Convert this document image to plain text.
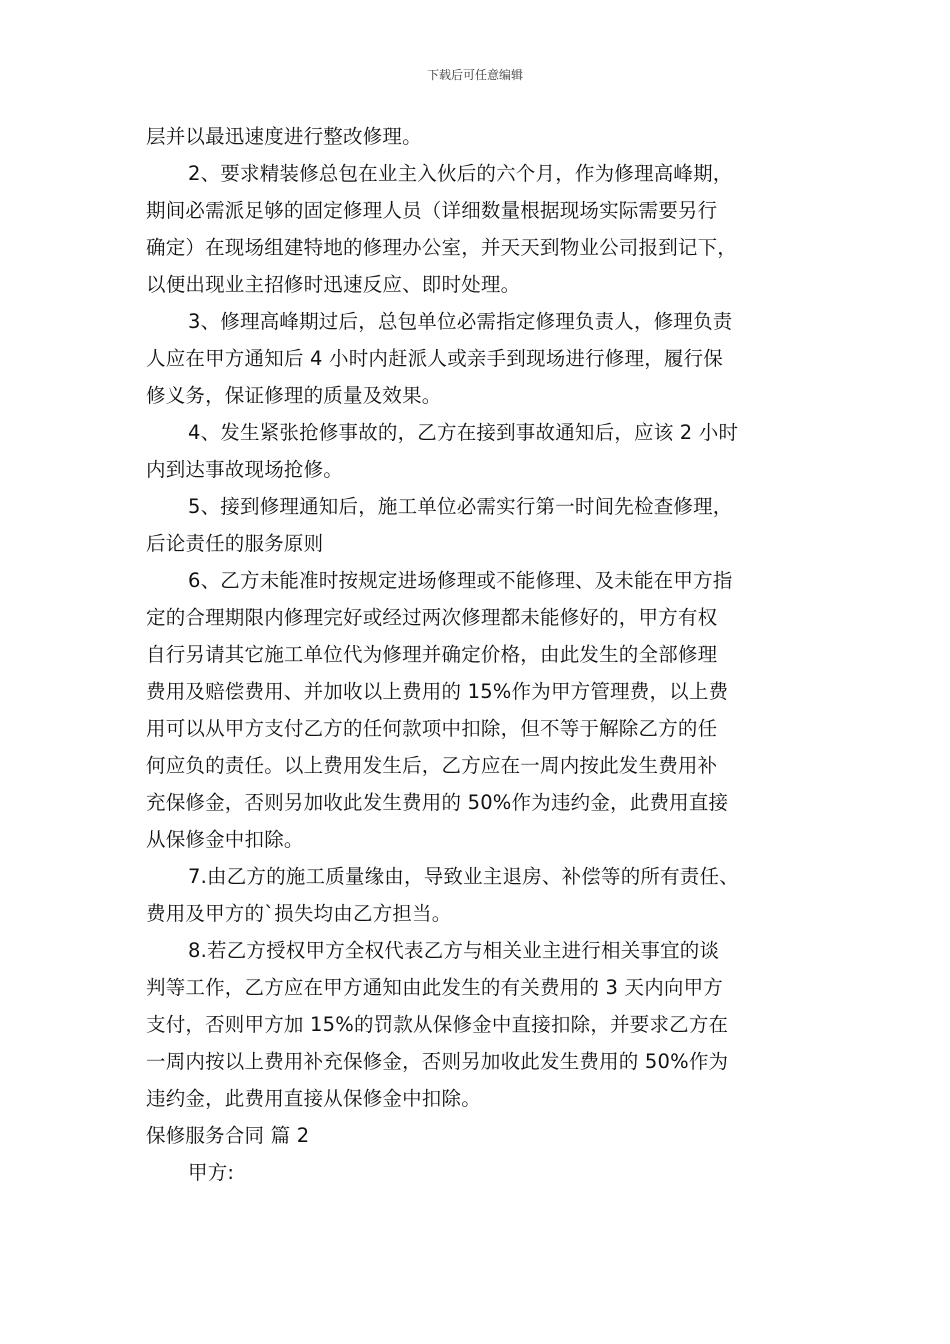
下载后可任意编辑
层并以最迅速度进行整改修理。
2、要求精装修总包在业主入伙后的六个月，作为修理高峰期，
期间必需派足够的固定修理人员（详细数量根据现场实际需要另行
确定）在现场组建特地的修理办公室，并天天到物业公司报到记下，
以便出现业主招修时迅速反应、即时处理。
3、修理高峰期过后，总包单位必需指定修理负责人，修理负责
人应在甲方通知后 4 小时内赶派人或亲手到现场进行修理，履行保
修义务，保证修理的质量及效果。
4、发生紧张抢修事故的，乙方在接到事故通知后，应该 2 小时
内到达事故现场抢修。
5、接到修理通知后，施工单位必需实行第一时间先检查修理，
后论责任的服务原则
6、乙方未能准时按规定进场修理或不能修理、及未能在甲方指
定的合理期限内修理完好或经过两次修理都未能修好的，甲方有权
自行另请其它施工单位代为修理并确定价格，由此发生的全部修理
费用及赔偿费用、并加收以上费用的 15%作为甲方管理费，以上费
用可以从甲方支付乙方的任何款项中扣除，但不等于解除乙方的任
何应负的责任。以上费用发生后，乙方应在一周内按此发生费用补
充保修金，否则另加收此发生费用的 50%作为违约金，此费用直接
从保修金中扣除。
7.由乙方的施工质量缘由，导致业主退房、补偿等的所有责任、
费用及甲方的`损失均由乙方担当。
8.若乙方授权甲方全权代表乙方与相关业主进行相关事宜的谈
判等工作，乙方应在甲方通知由此发生的有关费用的 3 天内向甲方
支付，否则甲方加 15%的罚款从保修金中直接扣除，并要求乙方在
一周内按以上费用补充保修金，否则另加收此发生费用的 50%作为
违约金，此费用直接从保修金中扣除。
保修服务合同 篇 2
甲方:
